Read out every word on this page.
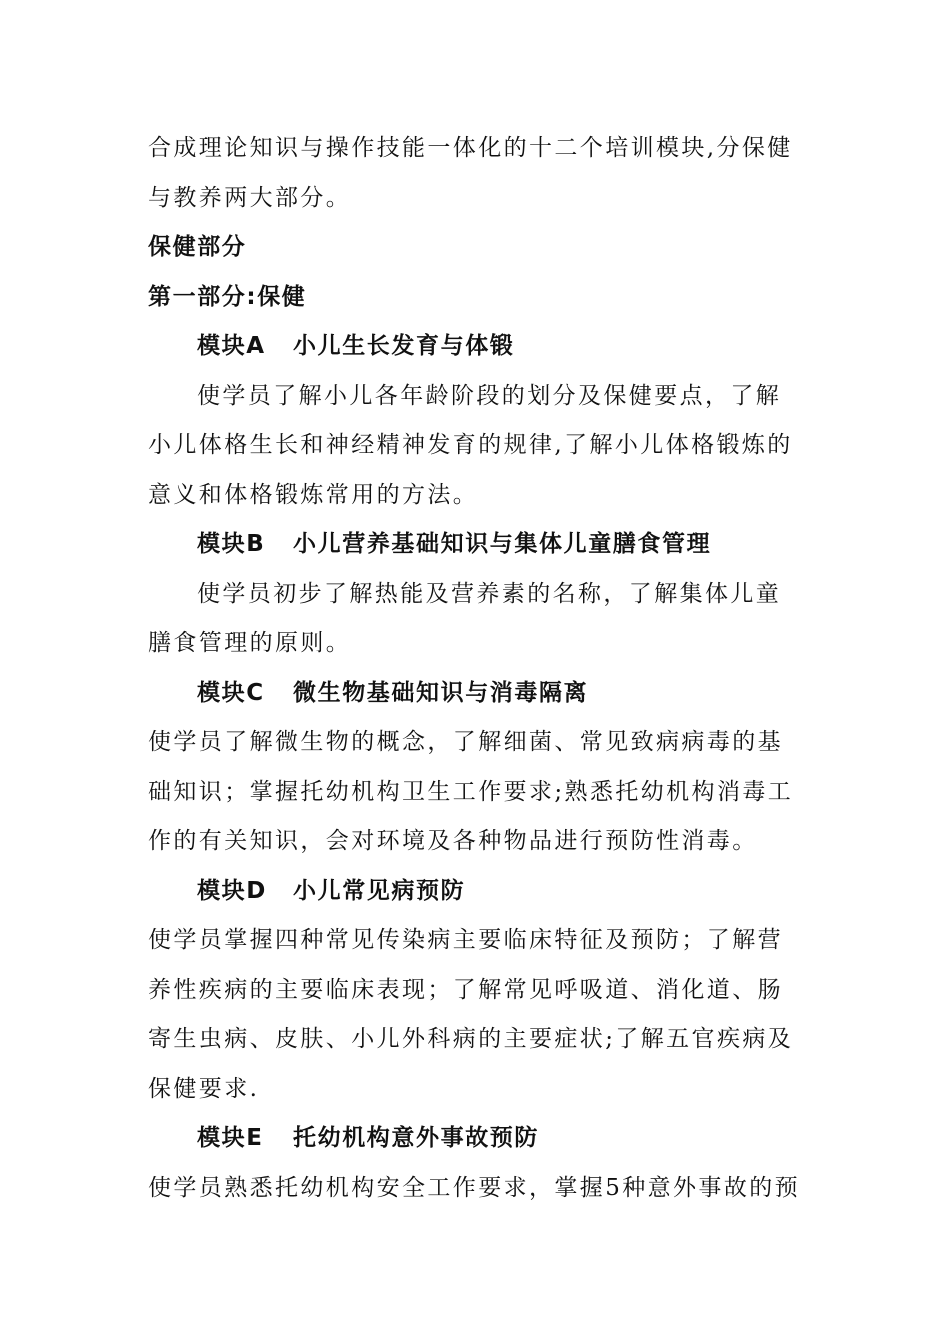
合成理论知识与操作技能一体化的十二个培训模块,分保健

与教养两大部分。

保健部分

第一部分:保健

模块A 小儿生长发育与体锻

使学员了解小儿各年龄阶段的划分及保健要点，了解

小儿体格生长和神经精神发育的规律,了解小儿体格锻炼的

意义和体格锻炼常用的方法。

模块B 小儿营养基础知识与集体儿童膳食管理

使学员初步了解热能及营养素的名称，了解集体儿童

膳食管理的原则。

模块C 微生物基础知识与消毒隔离

使学员了解微生物的概念，了解细菌、常见致病病毒的基

础知识；掌握托幼机构卫生工作要求;熟悉托幼机构消毒工

作的有关知识，会对环境及各种物品进行预防性消毒。

模块D 小儿常见病预防

使学员掌握四种常见传染病主要临床特征及预防；了解营

养性疾病的主要临床表现；了解常见呼吸道、消化道、肠

寄生虫病、皮肤、小儿外科病的主要症状;了解五官疾病及

保健要求.

模块E 托幼机构意外事故预防

使学员熟悉托幼机构安全工作要求，掌握5种意外事故的预
